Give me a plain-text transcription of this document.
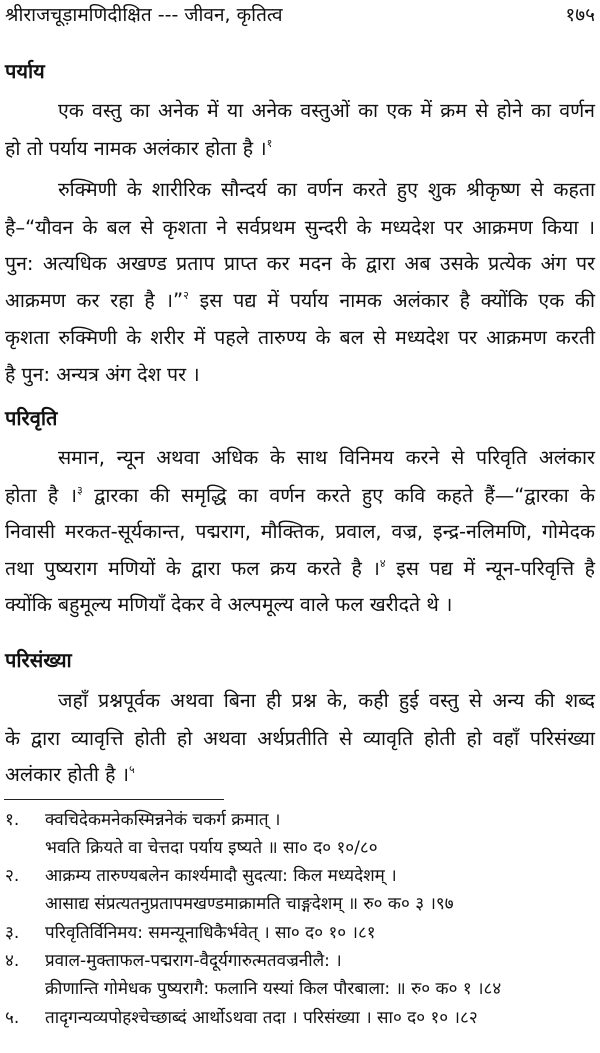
श्रीराजचूड़ामणिदीक्षित --- जीवन, कृतित्व	१७५
पर्याय
एक वस्तु का अनेक में या अनेक वस्तुओं का एक में क्रम से होने का वर्णन
हो तो पर्याय नामक अलंकार होता है ।$^१$
रुक्मिणी के शारीरिक सौन्दर्य का वर्णन करते हुए शुक श्रीकृष्ण से कहता
है–“यौवन के बल से कृशता ने सर्वप्रथम सुन्दरी के मध्यदेश पर आक्रमण किया ।
पुन: अत्यधिक अखण्ड प्रताप प्राप्त कर मदन के द्वारा अब उसके प्रत्येक अंग पर
आक्रमण कर रहा है ।”$^२$ इस पद्य में पर्याय नामक अलंकार है क्योंकि एक की
कृशता रुक्मिणी के शरीर में पहले तारुण्य के बल से मध्यदेश पर आक्रमण करती
है पुन: अन्यत्र अंग देश पर ।
परिवृति
समान, न्यून अथवा अधिक के साथ विनिमय करने से परिवृति अलंकार
होता है ।$^३$ द्वारका की समृद्धि का वर्णन करते हुए कवि कहते हैं—“द्वारका के
निवासी मरकत-सूर्यकान्त, पद्मराग, मौक्तिक, प्रवाल, वज्र, इन्द्र-नलिमणि, गोमेदक
तथा पुष्यराग मणियों के द्वारा फल क्रय करते है ।$^४$ इस पद्य में न्यून-परिवृत्ति है
क्योंकि बहुमूल्य मणियाँ देकर वे अल्पमूल्य वाले फल खरीदते थे ।
परिसंख्या
जहाँ प्रश्नपूर्वक अथवा बिना ही प्रश्न के, कही हुई वस्तु से अन्य की शब्द
के द्वारा व्यावृत्ति होती हो अथवा अर्थप्रतीति से व्यावृति होती हो वहाँ परिसंख्या
अलंकार होती है ।$^५$
१. क्वचिदेकमनेकस्मिन्ननेकं चकर्ग क्रमात् ।
भवति क्रियते वा चेत्तदा पर्याय इष्यते ॥ सा० द० १०/८०
२. आक्रम्य तारुण्यबलेन कार्श्यमादौ सुदत्या: किल मध्यदेशम् ।
आसाद्य संप्रत्यतनुप्रतापमखण्डमाक्रामति चाङ्गदेशम् ॥ रु० क० ३ ।९७
३. परिवृतिर्विनिमय: समन्यूनाधिकैर्भवेत् । सा० द० १० ।८१
४. प्रवाल-मुक्ताफल-पद्मराग-वैदूर्यगारुत्मतवज्रनीलै: ।
क्रीणान्ति गोमेधक पुष्यरागै: फलानि यस्यां किल पौरबाला: ॥ रु० क० १ ।८४
५. तादृगन्यव्यपोहश्चेच्छाब्दं आर्थोऽथवा तदा । परिसंख्या । सा० द० १० ।८२
